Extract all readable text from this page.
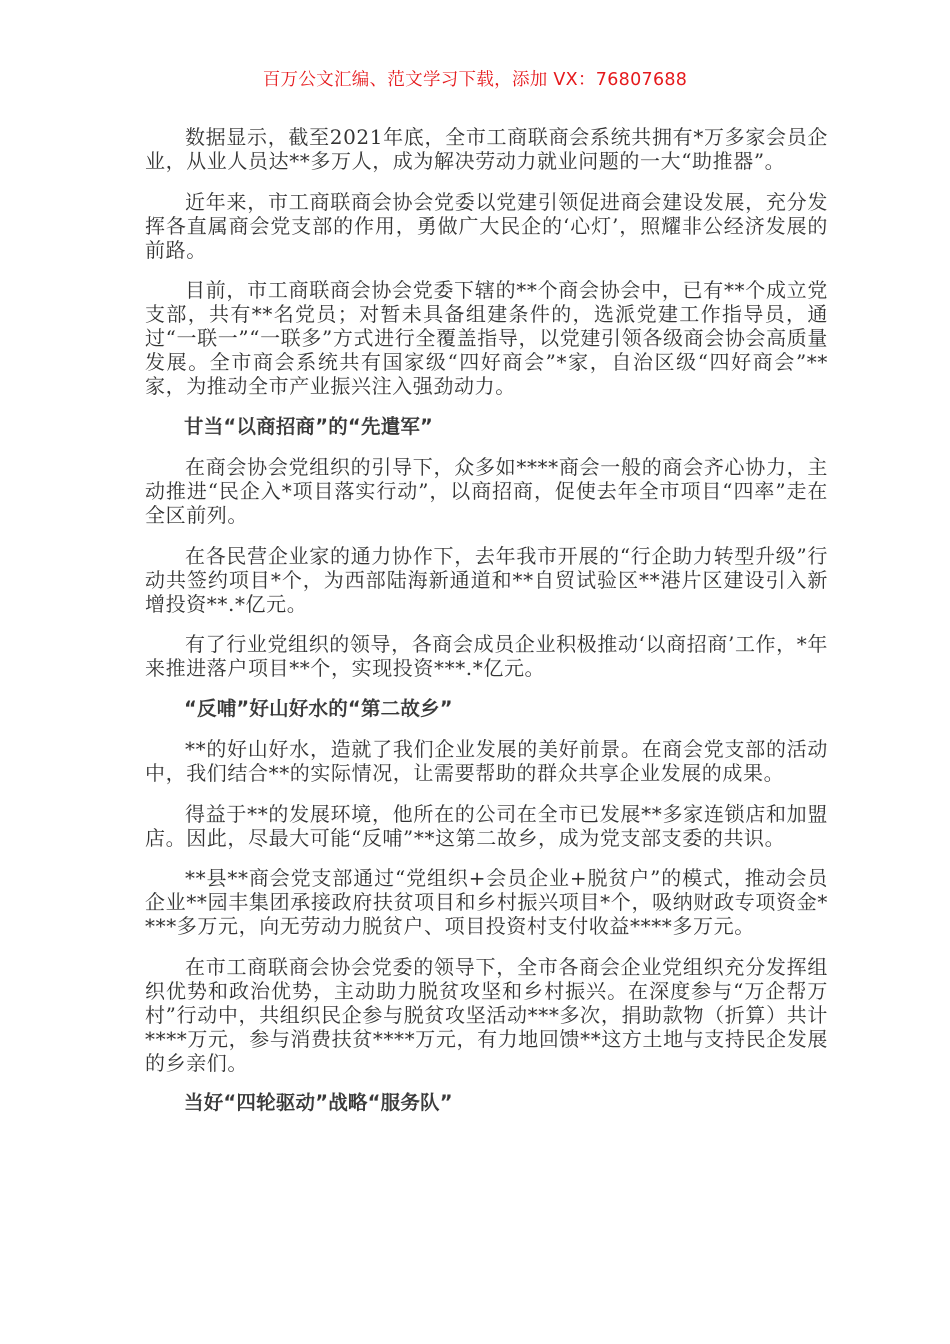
百万公文汇编、范文学习下载，添加 VX：76807688

数据显示，截至2021年底，全市工商联商会系统共拥有*万多家会员企业，从业人员达**多万人，成为解决劳动力就业问题的一大“助推器”。

近年来，市工商联商会协会党委以党建引领促进商会建设发展，充分发挥各直属商会党支部的作用，勇做广大民企的‘心灯’，照耀非公经济发展的前路。

目前，市工商联商会协会党委下辖的**个商会协会中，已有**个成立党支部，共有**名党员；对暂未具备组建条件的，选派党建工作指导员，通过“一联一”“一联多”方式进行全覆盖指导，以党建引领各级商会协会高质量发展。全市商会系统共有国家级“四好商会”*家，自治区级“四好商会”**家，为推动全市产业振兴注入强劲动力。

甘当“以商招商”的“先遣军”

在商会协会党组织的引导下，众多如****商会一般的商会齐心协力，主动推进“民企入*项目落实行动”，以商招商，促使去年全市项目“四率”走在全区前列。

在各民营企业家的通力协作下，去年我市开展的“行企助力转型升级”行动共签约项目*个，为西部陆海新通道和**自贸试验区**港片区建设引入新增投资**.*亿元。

有了行业党组织的领导，各商会成员企业积极推动‘以商招商’工作，*年来推进落户项目**个，实现投资***.*亿元。

“反哺”好山好水的“第二故乡”

**的好山好水，造就了我们企业发展的美好前景。在商会党支部的活动中，我们结合**的实际情况，让需要帮助的群众共享企业发展的成果。

得益于**的发展环境，他所在的公司在全市已发展**多家连锁店和加盟店。因此，尽最大可能“反哺”**这第二故乡，成为党支部支委的共识。

**县**商会党支部通过“党组织+会员企业+脱贫户”的模式，推动会员企业**园丰集团承接政府扶贫项目和乡村振兴项目*个，吸纳财政专项资金****多万元，向无劳动力脱贫户、项目投资村支付收益****多万元。

在市工商联商会协会党委的领导下，全市各商会企业党组织充分发挥组织优势和政治优势，主动助力脱贫攻坚和乡村振兴。在深度参与“万企帮万村”行动中，共组织民企参与脱贫攻坚活动***多次，捐助款物（折算）共计****万元，参与消费扶贫****万元，有力地回馈**这方土地与支持民企发展的乡亲们。

当好“四轮驱动”战略“服务队”
